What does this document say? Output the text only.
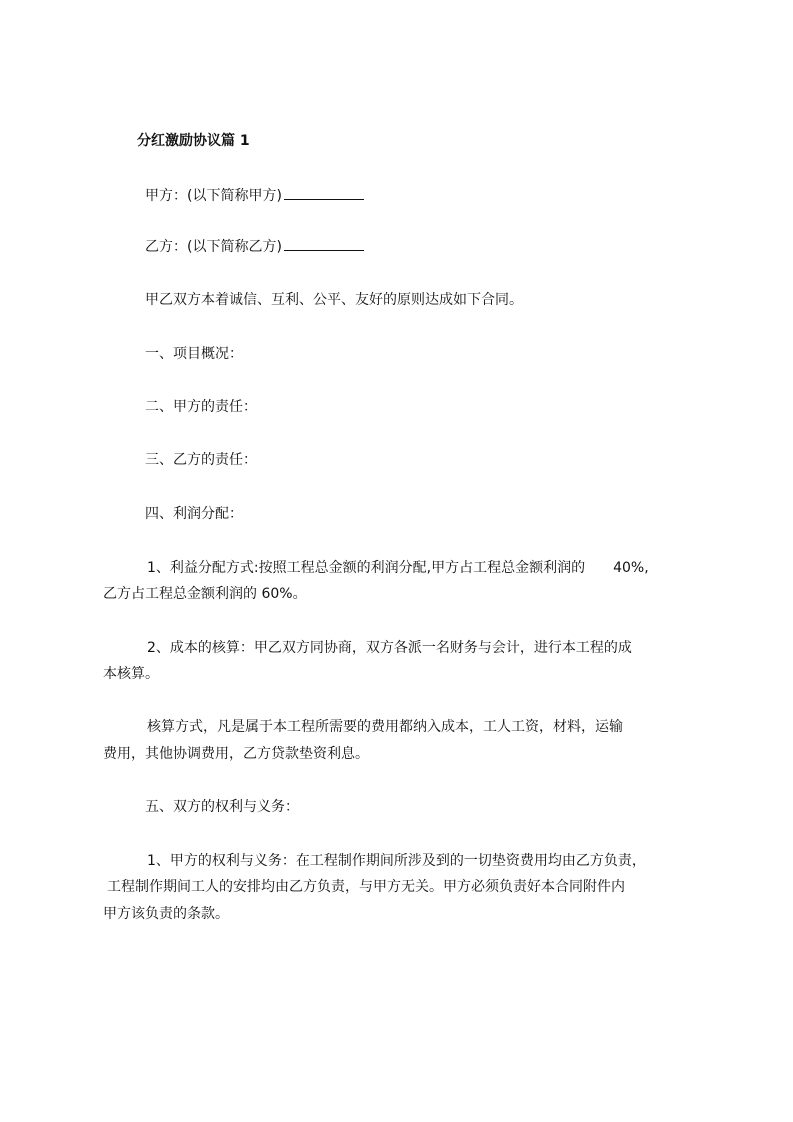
分红激励协议篇 1
甲方：(以下简称甲方)
乙方：(以下简称乙方)
甲乙双方本着诚信、互利、公平、友好的原则达成如下合同。
一、项目概况：
二、甲方的责任：
三、乙方的责任：
四、利润分配：
1、利益分配方式:按照工程总金额的利润分配,甲方占工程总金额利润的 40%,
乙方占工程总金额利润的 60%。
2、成本的核算：甲乙双方同协商，双方各派一名财务与会计，进行本工程的成
本核算。
核算方式，凡是属于本工程所需要的费用都纳入成本，工人工资，材料，运输
费用，其他协调费用，乙方贷款垫资利息。
五、双方的权利与义务：
1、甲方的权利与义务：在工程制作期间所涉及到的一切垫资费用均由乙方负责，
工程制作期间工人的安排均由乙方负责，与甲方无关。甲方必须负责好本合同附件内
甲方该负责的条款。
